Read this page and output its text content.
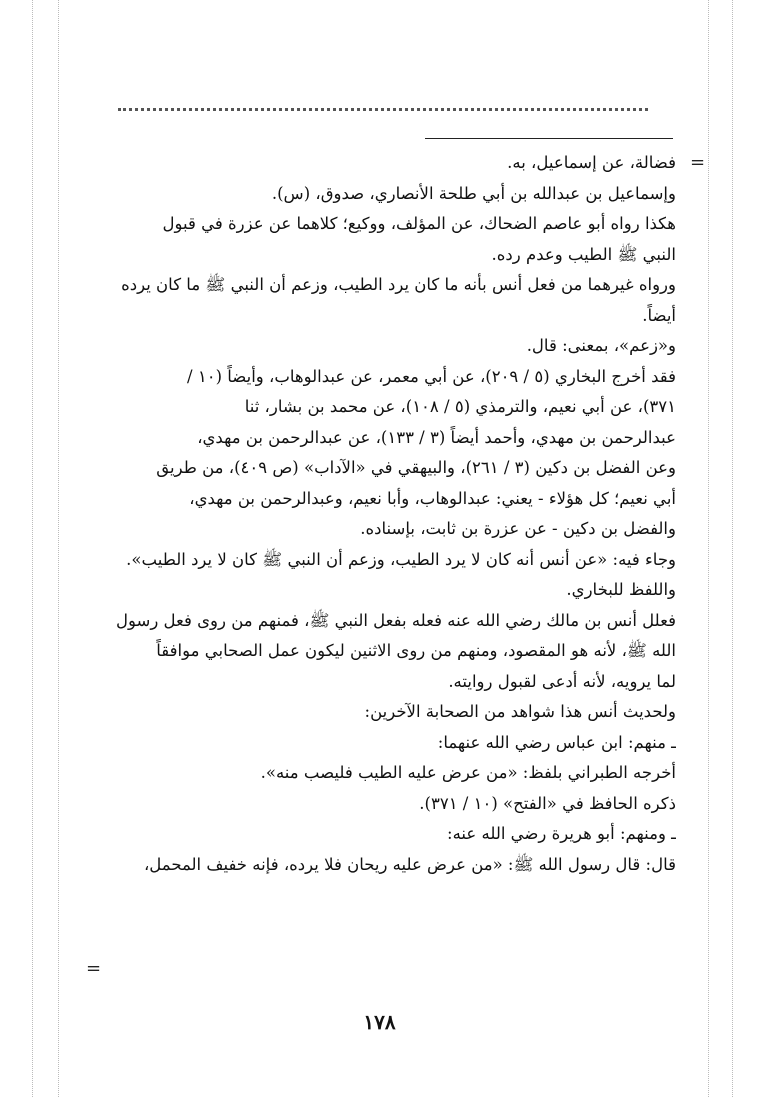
=
=
فضالة، عن إسماعيل، به.
وإسماعيل بن عبدالله بن أبي طلحة الأنصاري، صدوق، (س).
هكذا رواه أبو عاصم الضحاك، عن المؤلف، ووكيع؛ كلاهما عن عزرة في قبول
النبي ﷺ الطيب وعدم رده.
ورواه غيرهما من فعل أنس بأنه ما كان يرد الطيب، وزعم أن النبي ﷺ ما كان يرده
أيضاً.
و«زعم»، بمعنى: قال.
فقد أخرج البخاري (٥ / ٢٠٩)، عن أبي معمر، عن عبدالوهاب، وأيضاً (١٠ /
٣٧١)، عن أبي نعيم، والترمذي (٥ / ١٠٨)، عن محمد بن بشار، ثنا
عبدالرحمن بن مهدي، وأحمد أيضاً (٣ / ١٣٣)، عن عبدالرحمن بن مهدي،
وعن الفضل بن دكين (٣ / ٢٦١)، والبيهقي في «الآداب» (ص ٤٠٩)، من طريق
أبي نعيم؛ كل هؤلاء - يعني: عبدالوهاب، وأبا نعيم، وعبدالرحمن بن مهدي،
والفضل بن دكين - عن عزرة بن ثابت، بإسناده.
وجاء فيه: «عن أنس أنه كان لا يرد الطيب، وزعم أن النبي ﷺ كان لا يرد الطيب».
واللفظ للبخاري.
فعلل أنس بن مالك رضي الله عنه فعله بفعل النبي ﷺ، فمنهم من روى فعل رسول
الله ﷺ، لأنه هو المقصود، ومنهم من روى الاثنين ليكون عمل الصحابي موافقاً
لما يرويه، لأنه أدعى لقبول روايته.
ولحديث أنس هذا شواهد من الصحابة الآخرين:
ـ منهم: ابن عباس رضي الله عنهما:
أخرجه الطبراني بلفظ: «من عرض عليه الطيب فليصب منه».
ذكره الحافظ في «الفتح» (١٠ / ٣٧١).
ـ ومنهم: أبو هريرة رضي الله عنه:
قال: قال رسول الله ﷺ: «من عرض عليه ريحان فلا يرده، فإنه خفيف المحمل،
١٧٨
